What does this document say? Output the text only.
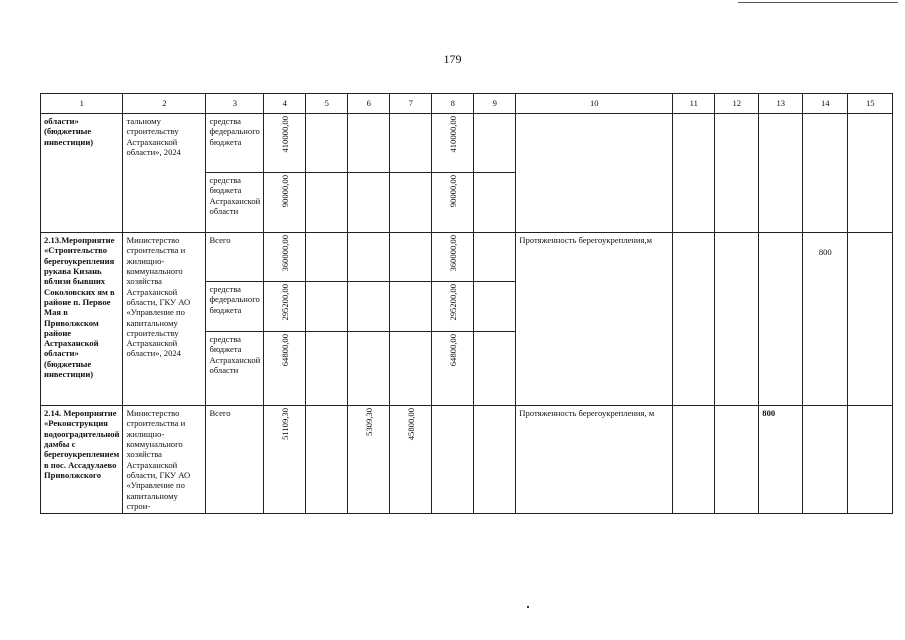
179
1	2	3	4	5	6	7	8	9	10	11	12	13	14	15
области» (бюджетные инвестиции)	тальному строительству Астраханской области», 2024	средства федерального бюджета	410000,00				410000,00							
		средства бюджета Астраханской области	90000,00				90000,00							
2.13.Мероприятие «Строительство берегоукрепления рукава Кизань вблизи бывших Соколовских ям в районе п. Первое Мая в Приволжском районе Астраханской области» (бюджетные инвестиции)	Министерство строительства и жилищно-коммунального хозяйства Астраханской области, ГКУ АО «Управление по капитальному строительству Астраханской области», 2024	Всего	360000,00				360000,00		Протяженность берегоукрепления,м				800	
		средства федерального бюджета	295200,00				295200,00							
		средства бюджета Астраханской области	64800,00				64800,00							
2.14. Мероприятие «Реконструкция водооградительной дамбы с берегоукреплением в пос. Ассадулаево Приволжского	Министерство строительства и жилищно-коммунального хозяйства Астраханской области, ГКУ АО «Управление по капитальному строи-	Всего	51109,30		5309,30	45800,00			Протяженность берегоукрепления, м			800		
